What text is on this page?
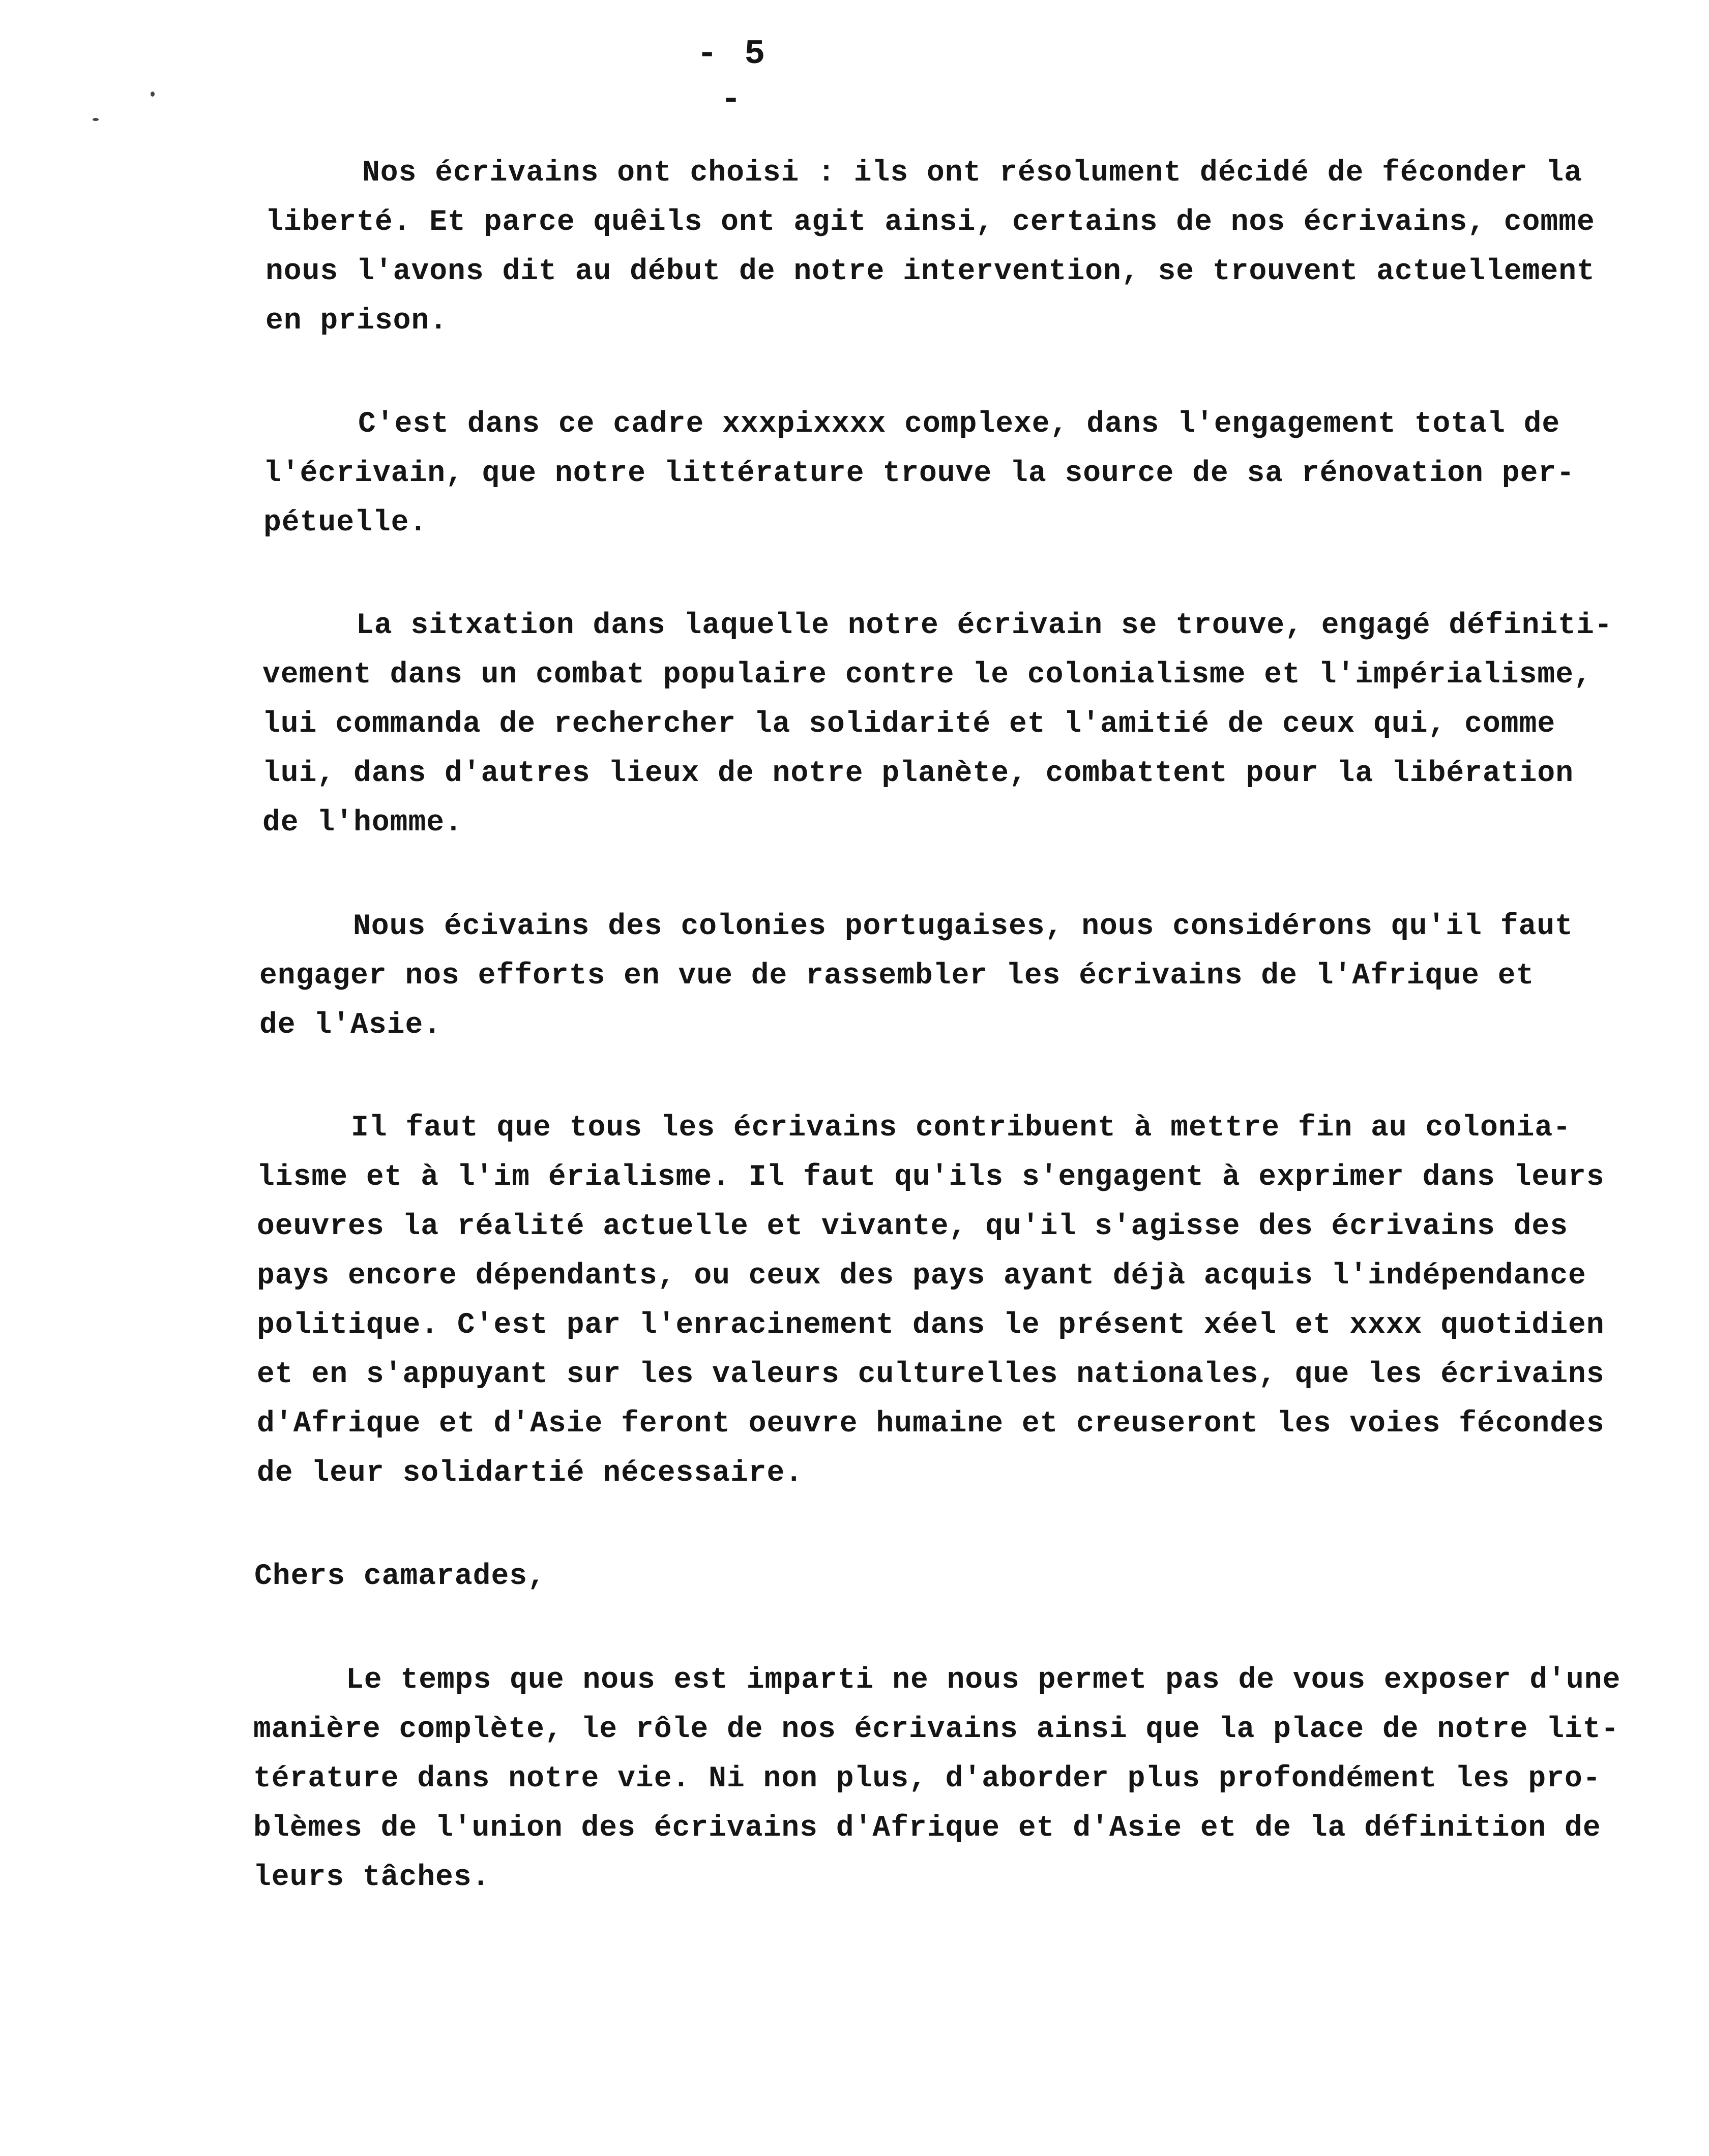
- 5 -

Nos écrivains ont choisi : ils ont résolument décidé de féconder la

liberté. Et parce quêils ont agit ainsi, certains de nos écrivains, comme

nous l'avons dit au début de notre intervention, se trouvent actuellement

en prison.

C'est dans ce cadre xxxpixxxx complexe, dans l'engagement total de

l'écrivain, que notre littérature trouve la source de sa rénovation per-

pétuelle.

La sitxation dans laquelle notre écrivain se trouve, engagé définiti-

vement dans un combat populaire contre le colonialisme et l'impérialisme,

lui commanda de rechercher la solidarité et l'amitié de ceux qui, comme

lui, dans d'autres lieux de notre planète, combattent pour la libération

de l'homme.

Nous écivains des colonies portugaises, nous considérons qu'il faut

engager nos efforts en vue de rassembler les écrivains de l'Afrique et

de l'Asie.

Il faut que tous les écrivains contribuent à mettre fin au colonia-

lisme et à l'im érialisme. Il faut qu'ils s'engagent à exprimer dans leurs

oeuvres la réalité actuelle et vivante, qu'il s'agisse des écrivains des

pays encore dépendants, ou ceux des pays ayant déjà acquis l'indépendance

politique. C'est par l'enracinement dans le présent xéel et xxxx quotidien

et en s'appuyant sur les valeurs culturelles nationales, que les écrivains

d'Afrique et d'Asie feront oeuvre humaine et creuseront les voies fécondes

de leur solidartié nécessaire.

Chers camarades,

Le temps que nous est imparti ne nous permet pas de vous exposer d'une

manière complète, le rôle de nos écrivains ainsi que la place de notre lit-

térature dans notre vie. Ni non plus, d'aborder plus profondément les pro-

blèmes de l'union des écrivains d'Afrique et d'Asie et de la définition de

leurs tâches.
